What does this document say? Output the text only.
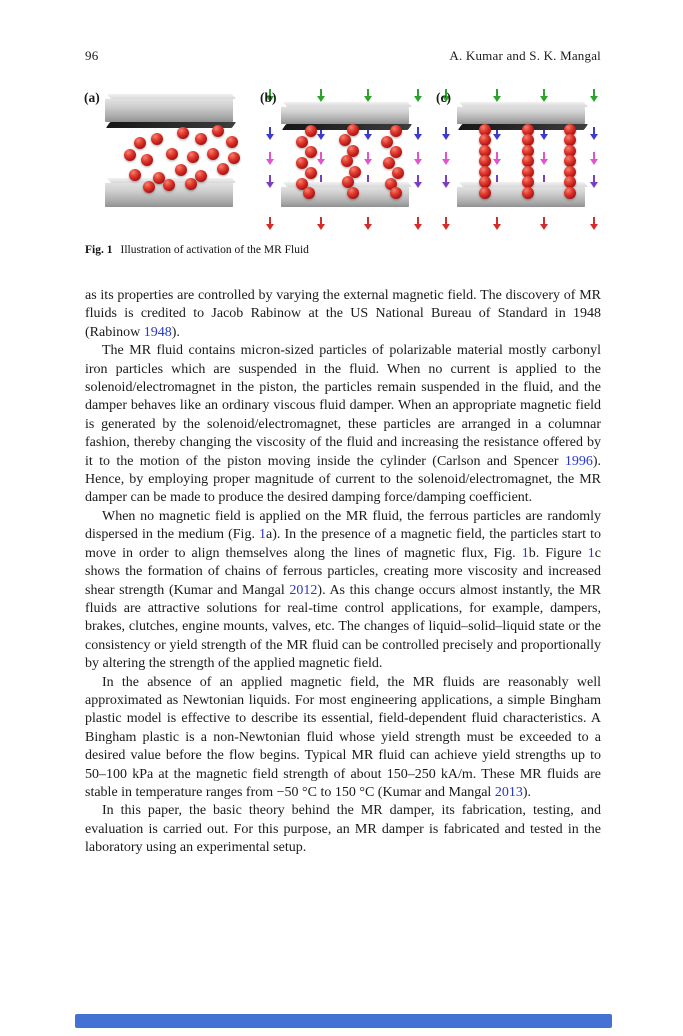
96	A. Kumar and S. K. Mangal
(a)	(b)	(c)
Fig. 1 Illustration of activation of the MR Fluid

as its properties are controlled by varying the external magnetic field. The discovery of MR fluids is credited to Jacob Rabinow at the US National Bureau of Standard in 1948 (Rabinow 1948).

The MR fluid contains micron-sized particles of polarizable material mostly carbonyl iron particles which are suspended in the fluid. When no current is applied to the solenoid/electromagnet in the piston, the particles remain suspended in the fluid, and the damper behaves like an ordinary viscous fluid damper. When an appropriate magnetic field is generated by the solenoid/electromagnet, these particles are arranged in a columnar fashion, thereby changing the viscosity of the fluid and increasing the resistance offered by it to the motion of the piston moving inside the cylinder (Carlson and Spencer 1996). Hence, by employing proper magnitude of current to the solenoid/electromagnet, the MR damper can be made to produce the desired damping force/damping coefficient.

When no magnetic field is applied on the MR fluid, the ferrous particles are randomly dispersed in the medium (Fig. 1a). In the presence of a magnetic field, the particles start to move in order to align themselves along the lines of magnetic flux, Fig. 1b. Figure 1c shows the formation of chains of ferrous particles, creating more viscosity and increased shear strength (Kumar and Mangal 2012). As this change occurs almost instantly, the MR fluids are attractive solutions for real-time control applications, for example, dampers, brakes, clutches, engine mounts, valves, etc. The changes of liquid–solid–liquid state or the consistency or yield strength of the MR fluid can be controlled precisely and proportionally by altering the strength of the applied magnetic field.

In the absence of an applied magnetic field, the MR fluids are reasonably well approximated as Newtonian liquids. For most engineering applications, a simple Bingham plastic model is effective to describe its essential, field-dependent fluid characteristics. A Bingham plastic is a non-Newtonian fluid whose yield strength must be exceeded to a desired value before the flow begins. Typical MR fluid can achieve yield strengths up to 50–100 kPa at the magnetic field strength of about 150–250 kA/m. These MR fluids are stable in temperature ranges from −50 °C to 150 °C (Kumar and Mangal 2013).

In this paper, the basic theory behind the MR damper, its fabrication, testing, and evaluation is carried out. For this purpose, an MR damper is fabricated and tested in the laboratory using an experimental setup.
